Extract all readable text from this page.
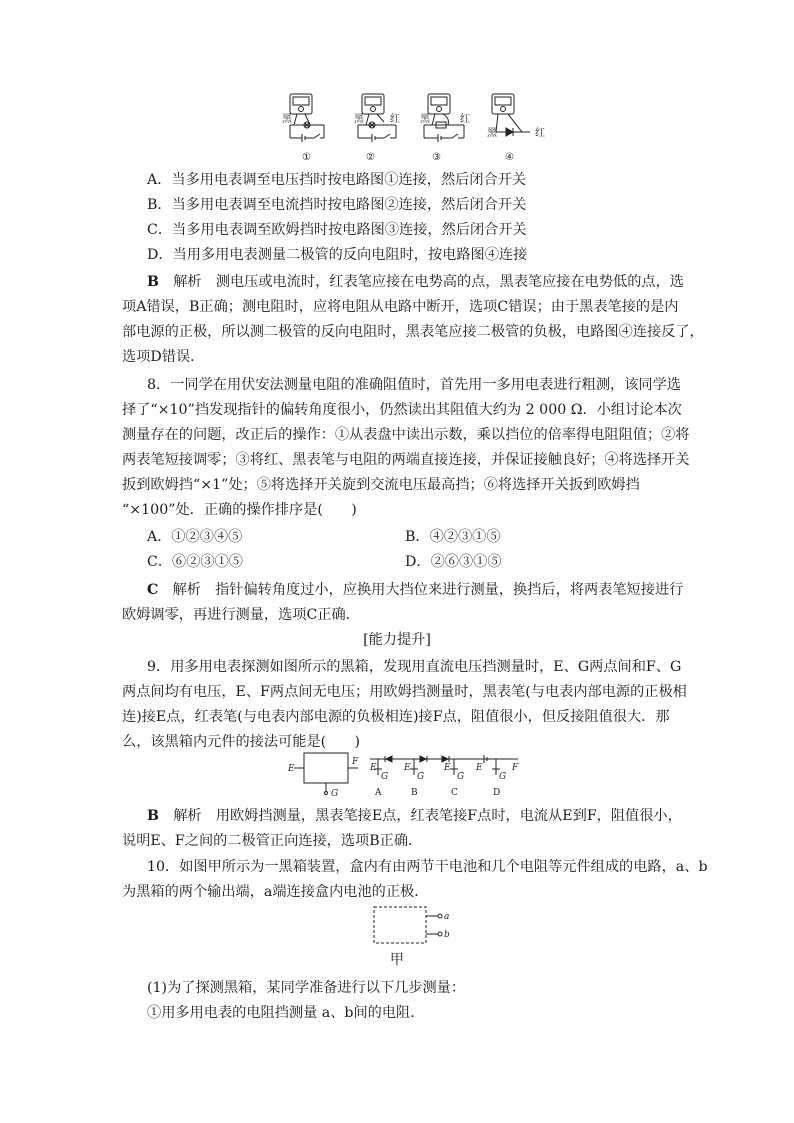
黑	黑	红 黑	红
黑	红
①	②	③	④
A．当多用电表调至电压挡时按电路图①连接，然后闭合开关
B．当多用电表调至电流挡时按电路图②连接，然后闭合开关
C．当多用电表调至欧姆挡时按电路图③连接，然后闭合开关
D．当用多用电表测量二极管的反向电阻时，按电路图④连接
B　 解析　测电压或电流时，红表笔应接在电势高的点，黑表笔应接在电势低的点，选
项A错误，B正确；测电阻时，应将电阻从电路中断开，选项C错误；由于黑表笔接的是内
部电源的正极，所以测二极管的反向电阻时，黑表笔应接二极管的负极，电路图④连接反了，
选项D错误．
8．一同学在用伏安法测量电阻的准确阻值时，首先用一多用电表进行粗测，该同学选
择了“×10”挡发现指针的偏转角度很小，仍然读出其阻值大约为 2 000 Ω．小组讨论本次
测量存在的问题，改正后的操作：①从表盘中读出示数，乘以挡位的倍率得电阻阻值；②将
两表笔短接调零；③将红、黑表笔与电阻的两端直接连接，并保证接触良好；④将选择开关
扳到欧姆挡“×1”处；⑤将选择开关旋到交流电压最高挡；⑥将选择开关扳到欧姆挡
“×100”处．正确的操作排序是(　　)
A．①②③④⑤	B．④②③①⑤
C．⑥②③①⑤	D．②⑥③①⑤
C　 解析　指针偏转角度过小，应换用大挡位来进行测量，换挡后，将两表笔短接进行
欧姆调零，再进行测量，选项C正确．
[能力提升]
9．用多用电表探测如图所示的黑箱，发现用直流电压挡测量时，E、G两点间和F、G
两点间均有电压，E、F两点间无电压；用欧姆挡测量时，黑表笔(与电表内部电源的正极相
连)接E点，红表笔(与电表内部电源的负极相连)接F点，阻值很小，但反接阻值很大．那
么，该黑箱内元件的接法可能是(　　)
E
F
G
E
G
E
G
E
G
E
G
F
A	B	C	D
B　 解析　用欧姆挡测量，黑表笔接E点，红表笔接F点时，电流从E到F，阻值很小，
说明E、F之间的二极管正向连接，选项B正确．
10．如图甲所示为一黑箱装置，盒内有由两节干电池和几个电阻等元件组成的电路，a、b
为黑箱的两个输出端，a端连接盒内电池的正极．
a
b
甲
(1)为了探测黑箱，某同学准备进行以下几步测量：
①用多用电表的电阻挡测量 a、b间的电阻．
